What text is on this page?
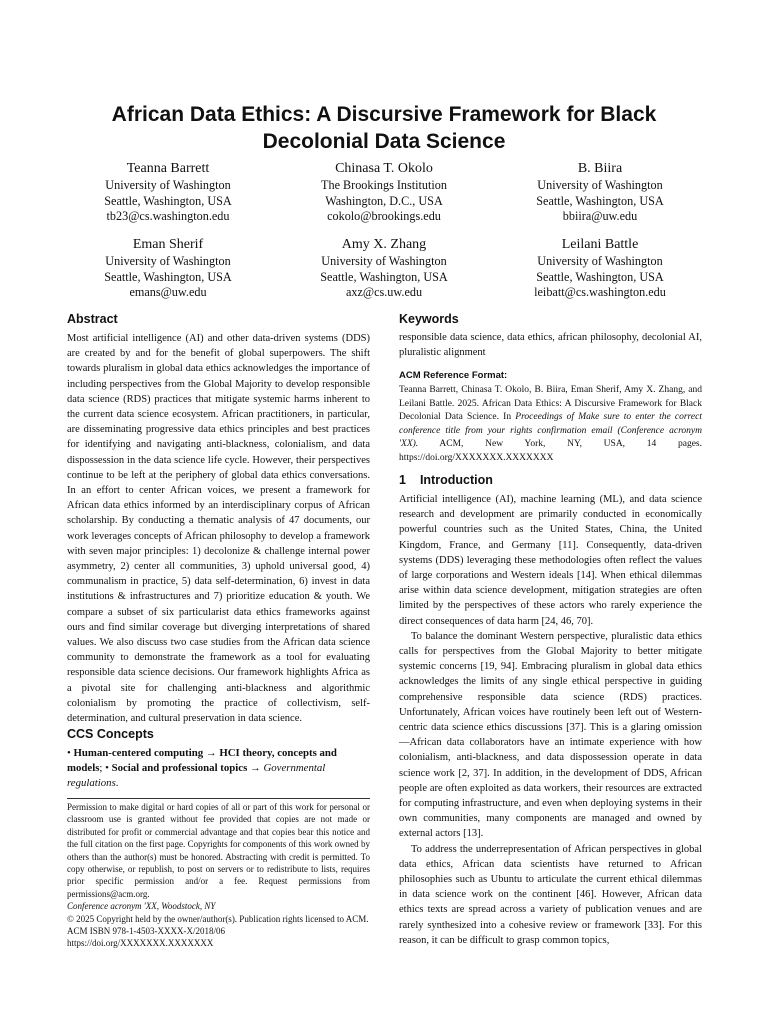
African Data Ethics: A Discursive Framework for Black
Decolonial Data Science
Teanna Barrett
University of Washington
Seattle, Washington, USA
tb23@cs.washington.edu
Chinasa T. Okolo
The Brookings Institution
Washington, D.C., USA
cokolo@brookings.edu
B. Biira
University of Washington
Seattle, Washington, USA
bbiira@uw.edu
Eman Sherif
University of Washington
Seattle, Washington, USA
emans@uw.edu
Amy X. Zhang
University of Washington
Seattle, Washington, USA
axz@cs.uw.edu
Leilani Battle
University of Washington
Seattle, Washington, USA
leibatt@cs.washington.edu
Abstract

Most artificial intelligence (AI) and other data-driven systems (DDS) are created by and for the benefit of global superpowers. The shift towards pluralism in global data ethics acknowledges the importance of including perspectives from the Global Majority to develop responsible data science (RDS) practices that mitigate systemic harms inherent to the current data science ecosystem. African practitioners, in particular, are disseminating progressive data ethics principles and best practices for identifying and navigating anti-blackness, colonialism, and data dispossession in the data science life cycle. However, their perspectives continue to be left at the periphery of global data ethics conversations. In an effort to center African voices, we present a framework for African data ethics informed by an interdisciplinary corpus of African scholarship. By conducting a thematic analysis of 47 documents, our work leverages concepts of African philosophy to develop a framework with seven major principles: 1) decolonize & challenge internal power asymmetry, 2) center all communities, 3) uphold universal good, 4) communalism in practice, 5) data self-determination, 6) invest in data institutions & infrastructures and 7) prioritize education & youth. We compare a subset of six particularist data ethics frameworks against ours and find similar coverage but diverging interpretations of shared values. We also discuss two case studies from the African data science community to demonstrate the framework as a tool for evaluating responsible data science decisions. Our framework highlights Africa as a pivotal site for challenging anti-blackness and algorithmic colonialism by promoting the practice of collectivism, self-determination, and cultural preservation in data science.

CCS Concepts

• Human-centered computing → HCI theory, concepts and models; • Social and professional topics → Governmental regulations.

Permission to make digital or hard copies of all or part of this work for personal or classroom use is granted without fee provided that copies are not made or distributed for profit or commercial advantage and that copies bear this notice and the full citation on the first page. Copyrights for components of this work owned by others than the author(s) must be honored. Abstracting with credit is permitted. To copy otherwise, or republish, to post on servers or to redistribute to lists, requires prior specific permission and/or a fee. Request permissions from permissions@acm.org.

Conference acronym 'XX, Woodstock, NY

© 2025 Copyright held by the owner/author(s). Publication rights licensed to ACM.

ACM ISBN 978-1-4503-XXXX-X/2018/06

https://doi.org/XXXXXXX.XXXXXXX

Keywords

responsible data science, data ethics, african philosophy, decolonial AI, pluralistic alignment

ACM Reference Format:

Teanna Barrett, Chinasa T. Okolo, B. Biira, Eman Sherif, Amy X. Zhang, and Leilani Battle. 2025. African Data Ethics: A Discursive Framework for Black Decolonial Data Science. In Proceedings of Make sure to enter the correct conference title from your rights confirmation email (Conference acronym 'XX). ACM, New York, NY, USA, 14 pages. https://doi.org/XXXXXXX.XXXXXXX

1 Introduction

Artificial intelligence (AI), machine learning (ML), and data science research and development are primarily conducted in economically powerful countries such as the United States, China, the United Kingdom, France, and Germany [11]. Consequently, data-driven systems (DDS) leveraging these methodologies often reflect the values of large corporations and Western ideals [14]. When ethical dilemmas arise within data science development, mitigation strategies are often limited by the perspectives of these actors who rarely experience the direct consequences of data harm [24, 46, 70].

To balance the dominant Western perspective, pluralistic data ethics calls for perspectives from the Global Majority to better mitigate systemic concerns [19, 94]. Embracing pluralism in global data ethics acknowledges the limits of any single ethical perspective in guiding comprehensive responsible data science (RDS) practices. Unfortunately, African voices have routinely been left out of Western-centric data science ethics discussions [37]. This is a glaring omission—African data collaborators have an intimate experience with how colonialism, anti-blackness, and data dispossession operate in data science work [2, 37]. In addition, in the development of DDS, African people are often exploited as data workers, their resources are extracted for computing infrastructure, and even when deploying systems in their own communities, many components are managed and owned by external actors [13].

To address the underrepresentation of African perspectives in global data ethics, African data scientists have returned to African philosophies such as Ubuntu to articulate the current ethical dilemmas in data science work on the continent [46]. However, African data ethics texts are spread across a variety of publication venues and are rarely synthesized into a cohesive review or framework [33]. For this reason, it can be difficult to grasp common topics,
